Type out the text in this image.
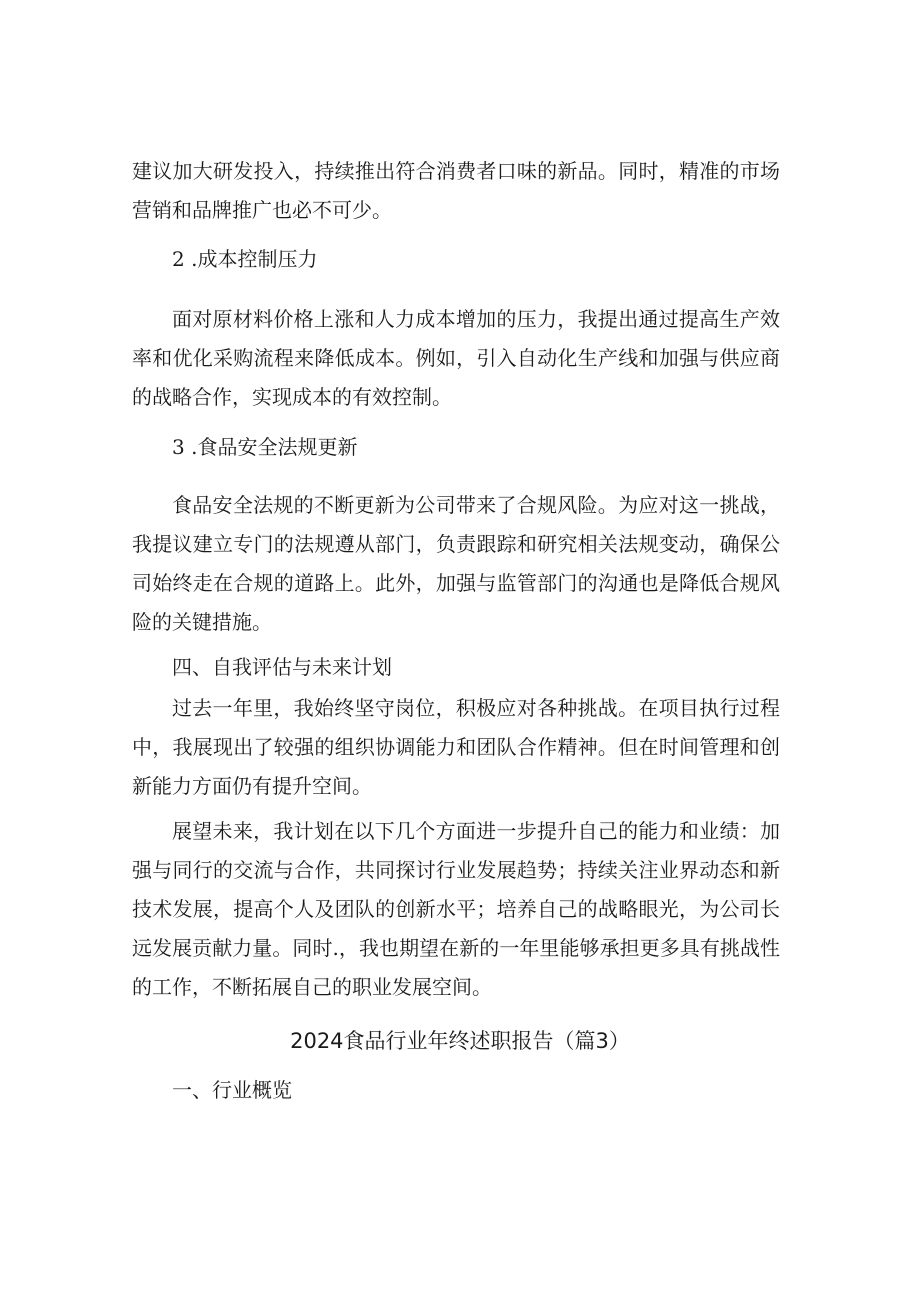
建议加大研发投入，持续推出符合消费者口味的新品。同时，精准的市场营销和品牌推广也必不可少。

2 .成本控制压力

面对原材料价格上涨和人力成本增加的压力，我提出通过提高生产效率和优化采购流程来降低成本。例如，引入自动化生产线和加强与供应商的战略合作，实现成本的有效控制。

3 .食品安全法规更新

食品安全法规的不断更新为公司带来了合规风险。为应对这一挑战，我提议建立专门的法规遵从部门，负责跟踪和研究相关法规变动，确保公司始终走在合规的道路上。此外，加强与监管部门的沟通也是降低合规风险的关键措施。

四、自我评估与未来计划

过去一年里，我始终坚守岗位，积极应对各种挑战。在项目执行过程中，我展现出了较强的组织协调能力和团队合作精神。但在时间管理和创新能力方面仍有提升空间。

展望未来，我计划在以下几个方面进一步提升自己的能力和业绩：加强与同行的交流与合作，共同探讨行业发展趋势；持续关注业界动态和新技术发展，提高个人及团队的创新水平；培养自己的战略眼光，为公司长远发展贡献力量。同时.，我也期望在新的一年里能够承担更多具有挑战性的工作，不断拓展自己的职业发展空间。

2024食品行业年终述职报告（篇3）

一、行业概览
